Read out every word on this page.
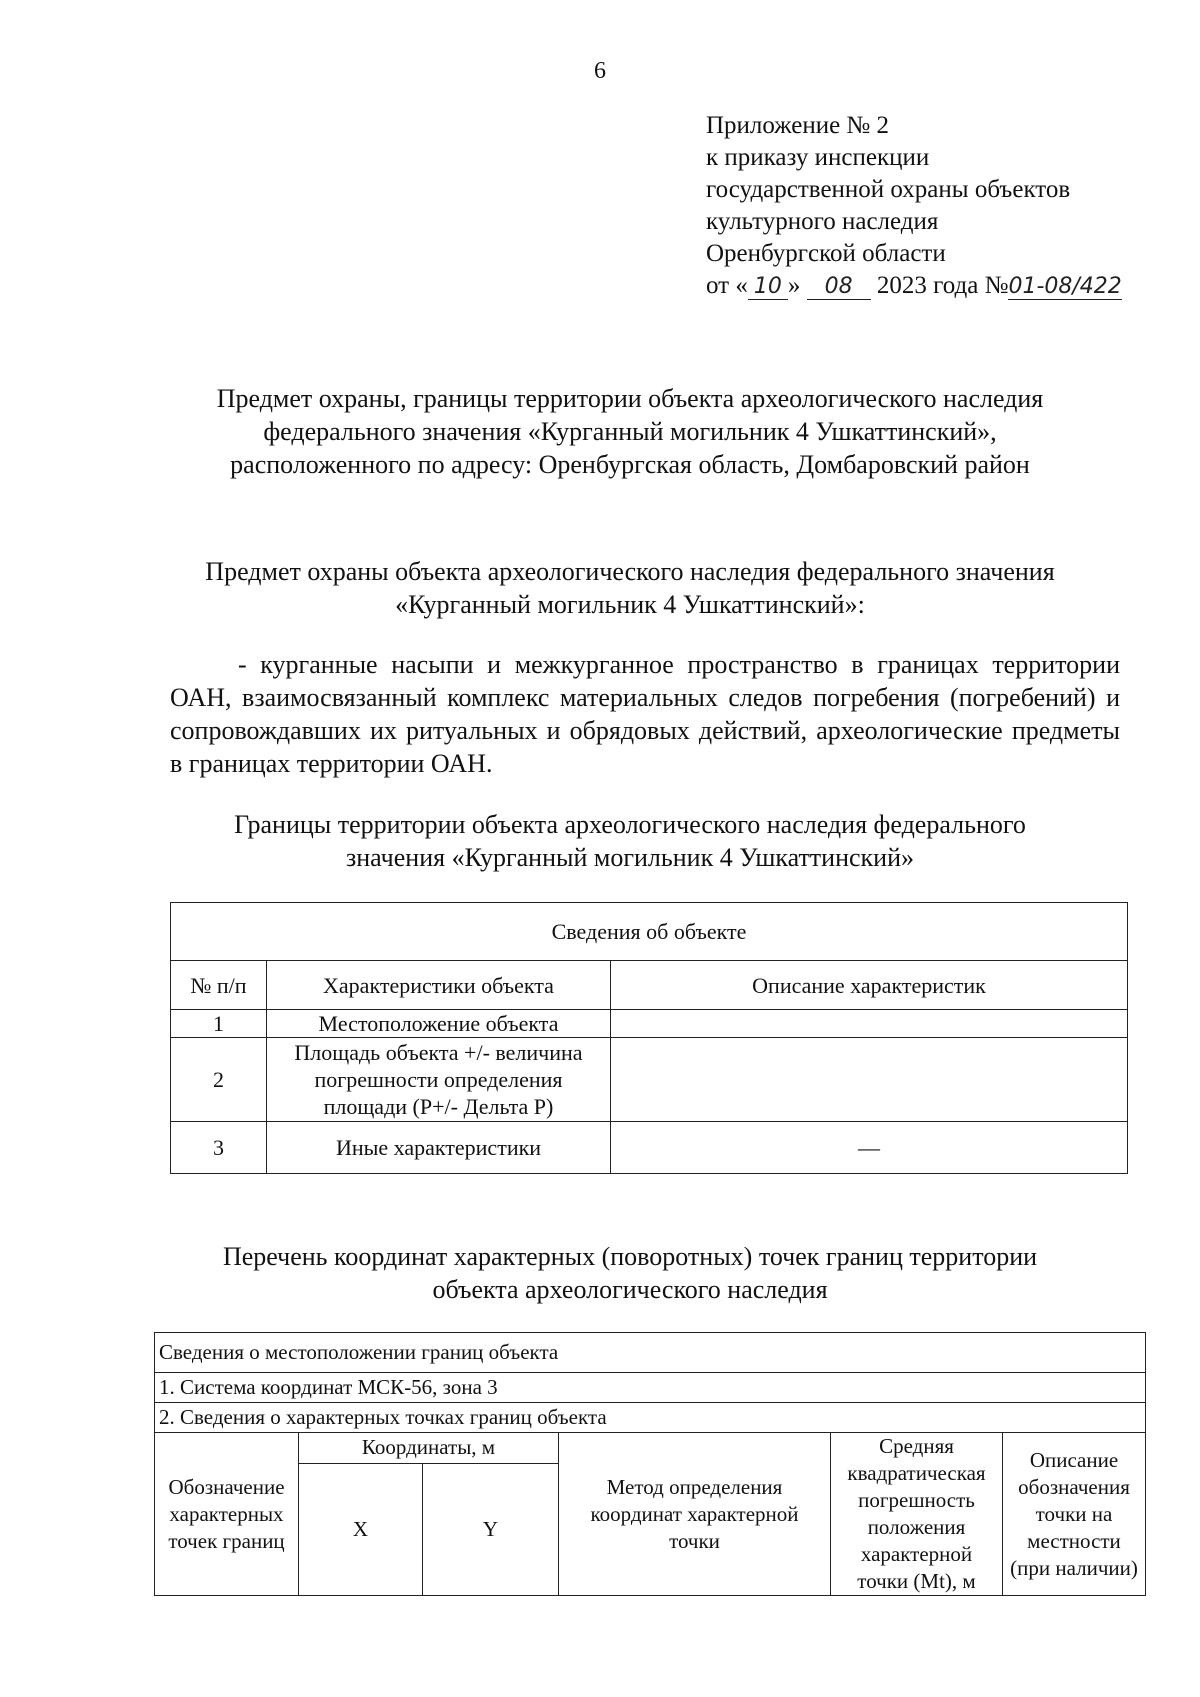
6
Приложение № 2
к приказу инспекции
государственной охраны объектов
культурного наследия
Оренбургской области
от « 10 » 08 2023 года №01-08/422
Предмет охраны, границы территории объекта археологического наследия
федерального значения «Курганный могильник 4 Ушкаттинский»,
расположенного по адресу: Оренбургская область, Домбаровский район
Предмет охраны объекта археологического наследия федерального значения
«Курганный могильник 4 Ушкаттинский»:
- курганные насыпи и межкурганное пространство в границах территории ОАН, взаимосвязанный комплекс материальных следов погребения (погребений) и сопровождавших их ритуальных и обрядовых действий, археологические предметы в границах территории ОАН.
Границы территории объекта археологического наследия федерального
значения «Курганный могильник 4 Ушкаттинский»
Сведения об объекте		
№ п/п	Характеристики объекта	Описание характеристик
1	Местоположение объекта	
2	Площадь объекта +/- величина погрешности определения площади (Р+/- Дельта Р)	
3	Иные характеристики	—
Перечень координат характерных (поворотных) точек границ территории
объекта археологического наследия
Сведения о местоположении границ объекта					
1. Система координат МСК-56, зона 3					
2. Сведения о характерных точках границ объекта					
Обозначение характерных точек границ	Координаты, м		Метод определения координат характерной точки	Средняя квадратическая погрешность положения характерной точки (Mt), м	Описание обозначения точки на местности (при наличии)
	X	Y			
